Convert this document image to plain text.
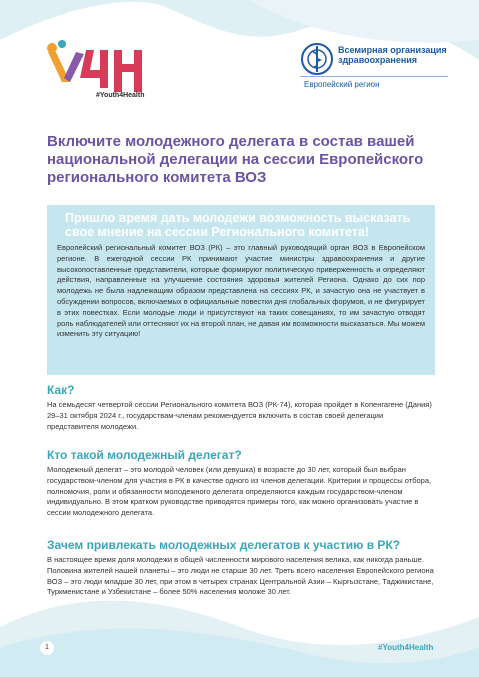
#Youth4Health
Всемирная организация здравоохранения
Европейский регион
Включите молодежного делегата в состав вашей национальной делегации на сессии Европейского регионального комитета ВОЗ
Пришло время дать молодежи возможность высказать свое мнение на сессии Регионального комитета!

Европейский региональный комитет ВОЗ (РК) – это главный руководящий орган ВОЗ в Европейском регионе. В ежегодной сессии РК принимают участие министры здравоохранения и другие высокопоставленные представители, которые формируют политическую приверженность и определяют действия, направленные на улучшение состояния здоровья жителей Региона. Однако до сих пор молодежь не была надлежащим образом представлена на сессиях РК, и зачастую она не участвует в обсуждении вопросов, включаемых в официальные повестки дня глобальных форумов, и не фигурирует в этих повестках. Если молодые люди и присутствуют на таких совещаниях, то им зачастую отводят роль наблюдателей или оттесняют их на второй план, не давая им возможности высказаться. Мы можем изменить эту ситуацию!

Как?

На семьдесят четвертой сессии Регионального комитета ВОЗ (РК-74), которая пройдет в Копенгагене (Дания) 29–31 октября 2024 г., государствам-членам рекомендуется включить в состав своей делегации представителя молодежи.

Кто такой молодежный делегат?

Молодежный делегат – это молодой человек (или девушка) в возрасте до 30 лет, который был выбран государством-членом для участия в РК в качестве одного из членов делегации. Критерии и процессы отбора, полномочия, роли и обязанности молодежного делегата определяются каждым государством-членом индивидуально. В этом кратком руководстве приводятся примеры того, как можно организовать участие в сессии молодежного делегата.

Зачем привлекать молодежных делегатов к участию в РК?

В настоящее время доля молодежи в общей численности мирового населения велика, как никогда раньше. Половина жителей нашей планеты – это люди не старше 30 лет. Треть всего населения Европейского региона ВОЗ – это люди младше 30 лет, при этом в четырех странах Центральной Азии – Кыргызстане, Таджикистане, Туркменистане и Узбекистане – более 50% населения моложе 30 лет.

1	#Youth4Health
